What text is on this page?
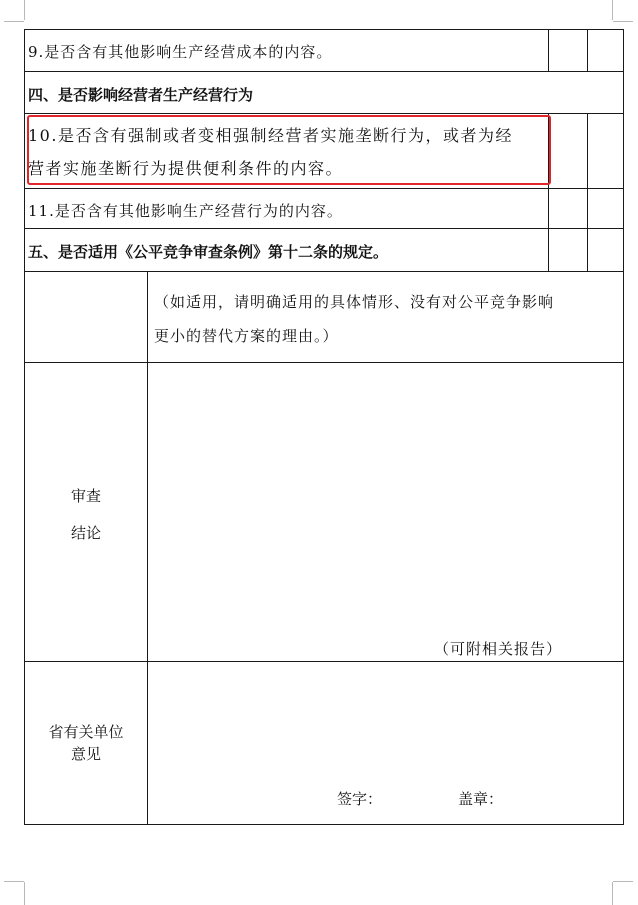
9.是否含有其他影响生产经营成本的内容。
四、是否影响经营者生产经营行为
10.是否含有强制或者变相强制经营者实施垄断行为，或者为经
营者实施垄断行为提供便利条件的内容。
11.是否含有其他影响生产经营行为的内容。
五、是否适用《公平竞争审查条例》第十二条的规定。
（如适用，请明确适用的具体情形、没有对公平竞争影响
更小的替代方案的理由。）
审查
结论
（可附相关报告）
省有关单位
意见
签字：	盖章：
